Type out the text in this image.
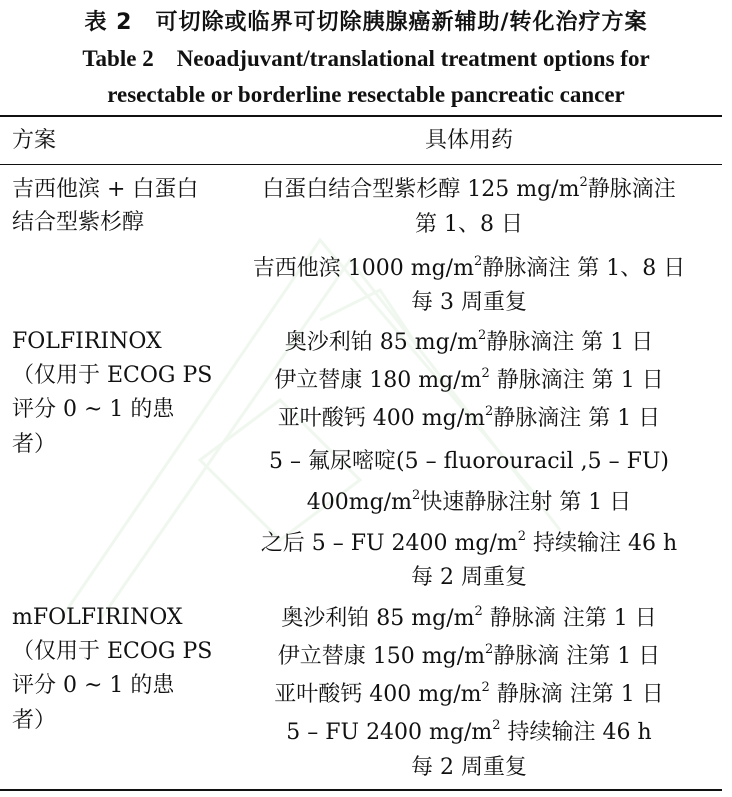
表 2　可切除或临界可切除胰腺癌新辅助/转化治疗方案
Table 2　Neoadjuvant/translational treatment options for
resectable or borderline resectable pancreatic cancer
方案	具体用药
吉西他滨 + 白蛋白
结合型紫杉醇
白蛋白结合型紫杉醇 125 $mg/m^2$静脉滴注
第 1、8 日
吉西他滨 1000 $mg/m^2$静脉滴注 第 1、8 日
每 3 周重复
FOLFIRINOX
（仅用于 ECOG PS
评分 0 ~ 1 的患
者）
奥沙利铂 85 $mg/m^2$静脉滴注 第 1 日
伊立替康 180 $mg/m^2$ 静脉滴注 第 1 日
亚叶酸钙 400 $mg/m^2$静脉滴注 第 1 日
5 – 氟尿嘧啶(5 – fluorouracil ,5 – FU)
$400mg/m^2$快速静脉注射 第 1 日
之后 5 – FU 2400 $mg/m^2$ 持续输注 46 h
每 2 周重复
mFOLFIRINOX
（仅用于 ECOG PS
评分 0 ~ 1 的患
者）
奥沙利铂 85 $mg/m^2$ 静脉滴 注第 1 日
伊立替康 150 $mg/m^2$静脉滴 注第 1 日
亚叶酸钙 400 $mg/m^2$ 静脉滴 注第 1 日
5 – FU 2400 $mg/m^2$ 持续输注 46 h
每 2 周重复
